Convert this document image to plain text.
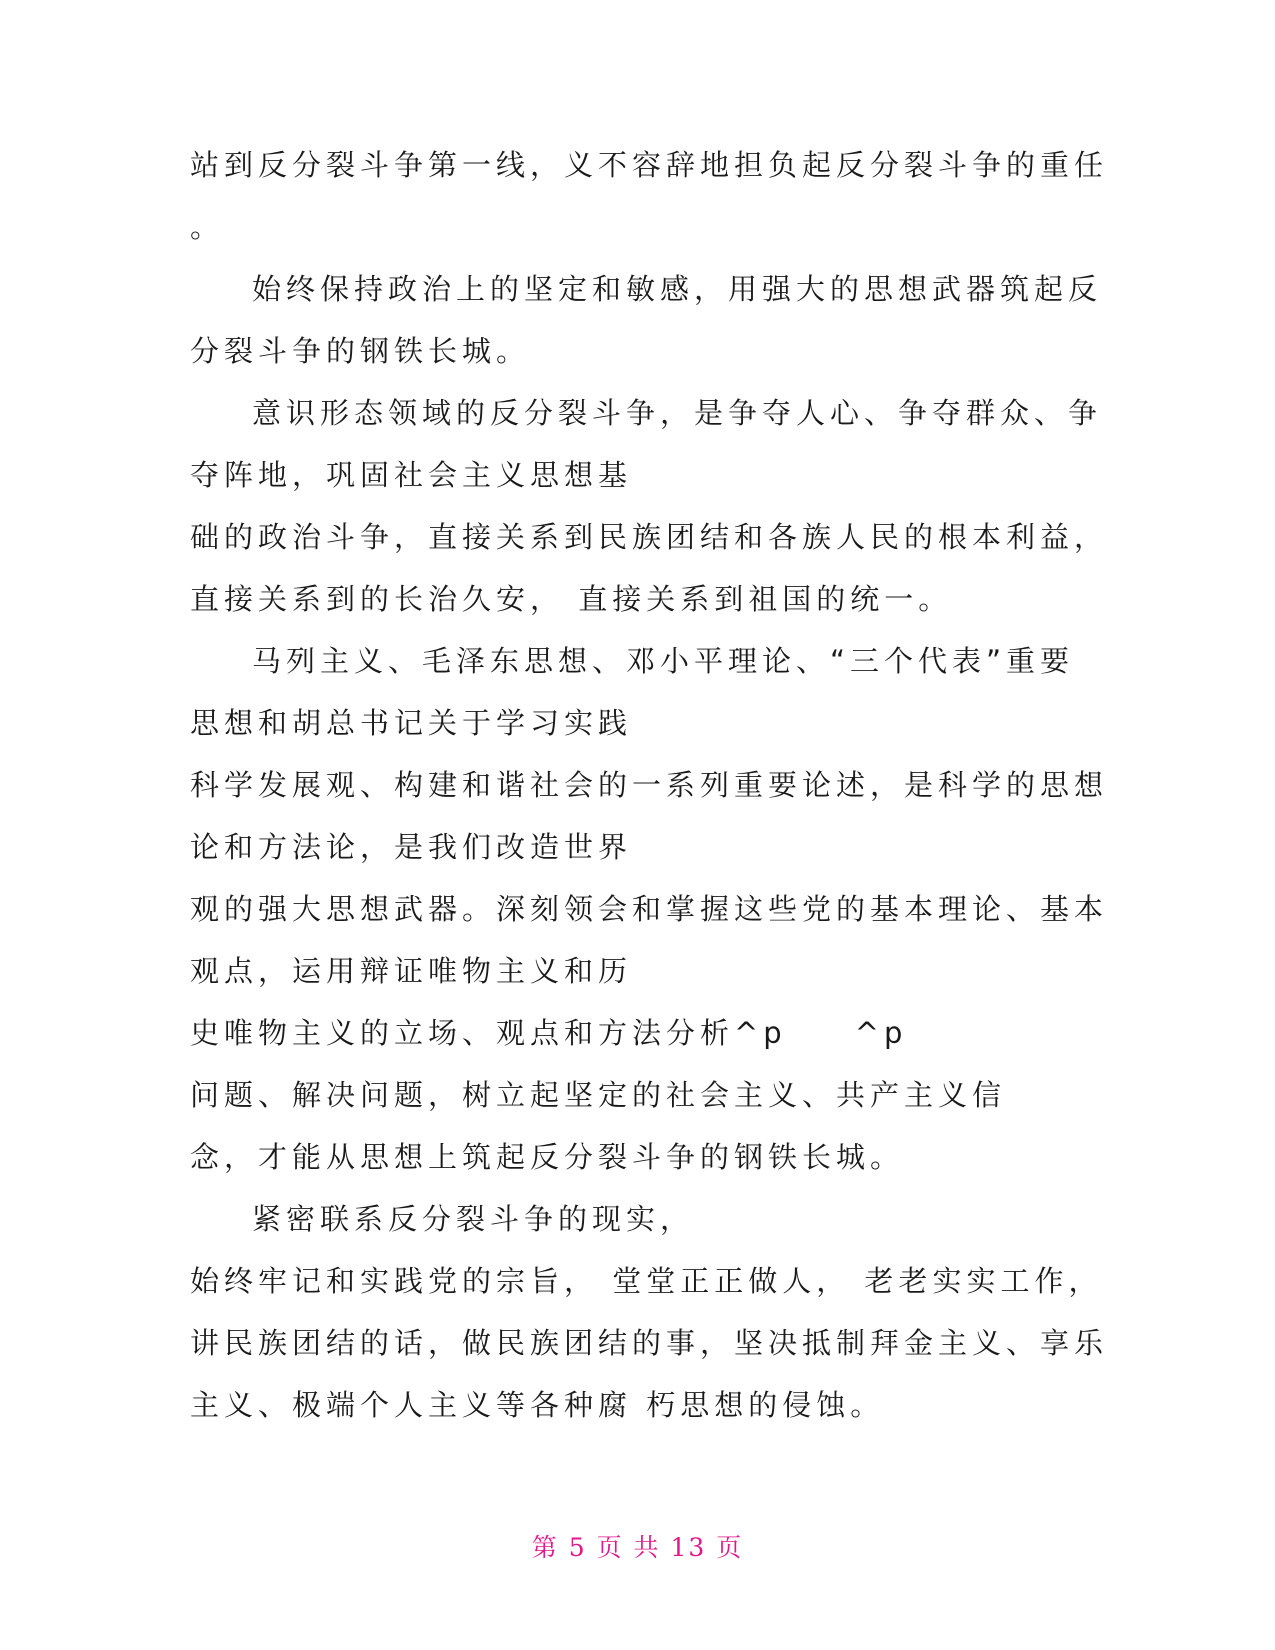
站到反分裂斗争第一线，义不容辞地担负起反分裂斗争的重任
。
始终保持政治上的坚定和敏感，用强大的思想武器筑起反
分裂斗争的钢铁长城。
意识形态领域的反分裂斗争，是争夺人心、争夺群众、争
夺阵地，巩固社会主义思想基
础的政治斗争，直接关系到民族团结和各族人民的根本利益，
直接关系到的长治久安， 直接关系到祖国的统一。
马列主义、毛泽东思想、邓小平理论、“三个代表”重要
思想和胡总书记关于学习实践
科学发展观、构建和谐社会的一系列重要论述，是科学的思想
论和方法论，是我们改造世界
观的强大思想武器。深刻领会和掌握这些党的基本理论、基本
观点，运用辩证唯物主义和历
史唯物主义的立场、观点和方法分析^p　　^p
问题、解决问题，树立起坚定的社会主义、共产主义信
念，才能从思想上筑起反分裂斗争的钢铁长城。
紧密联系反分裂斗争的现实，
始终牢记和实践党的宗旨， 堂堂正正做人， 老老实实工作，
讲民族团结的话，做民族团结的事，坚决抵制拜金主义、享乐
主义、极端个人主义等各种腐 朽思想的侵蚀。
第 5 页 共 13 页
